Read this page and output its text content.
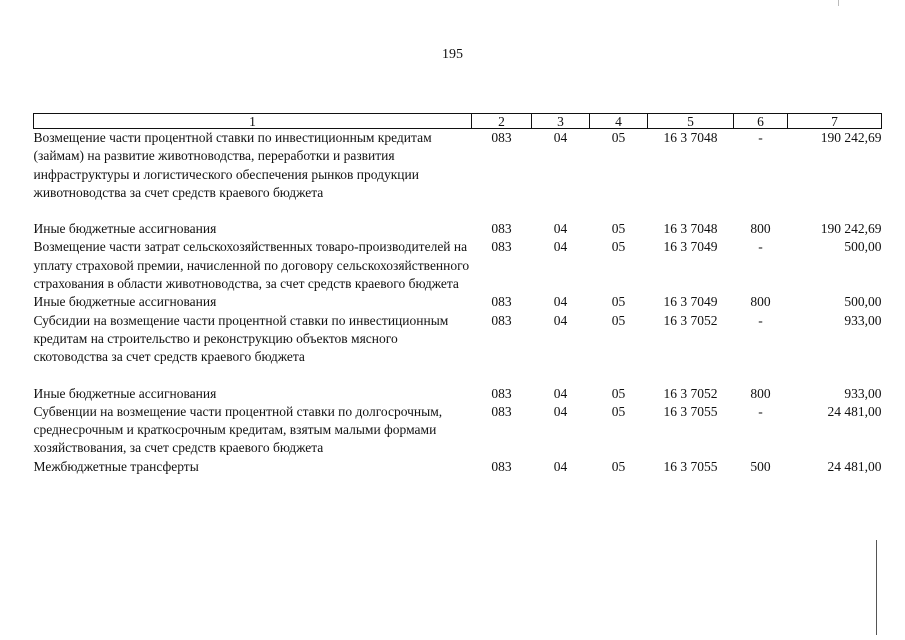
195
1	2	3	4	5	6	7
Возмещение части процентной ставки по инвестиционным кредитам (займам) на развитие животноводства, переработки и развития инфраструктуры и логистического обеспечения рынков продукции животноводства за счет средств краевого бюджета	083	04	05	16 3 7048	-	190 242,69

Иные бюджетные ассигнования	083	04	05	16 3 7048	800	190 242,69
Возмещение части затрат сельскохозяйственных товаро-производителей на уплату страховой премии, начисленной по договору сельскохозяйственного страхования в области животноводства, за счет средств краевого бюджета	083	04	05	16 3 7049	-	500,00
Иные бюджетные ассигнования	083	04	05	16 3 7049	800	500,00
Субсидии на возмещение части процентной ставки по инвестиционным кредитам на строительство и реконструкцию объектов мясного скотоводства за счет средств краевого бюджета	083	04	05	16 3 7052	-	933,00

Иные бюджетные ассигнования	083	04	05	16 3 7052	800	933,00
Субвенции на возмещение части процентной ставки по долгосрочным, среднесрочным и краткосрочным кредитам, взятым малыми формами хозяйствования, за счет средств краевого бюджета	083	04	05	16 3 7055	-	24 481,00
Межбюджетные трансферты	083	04	05	16 3 7055	500	24 481,00
